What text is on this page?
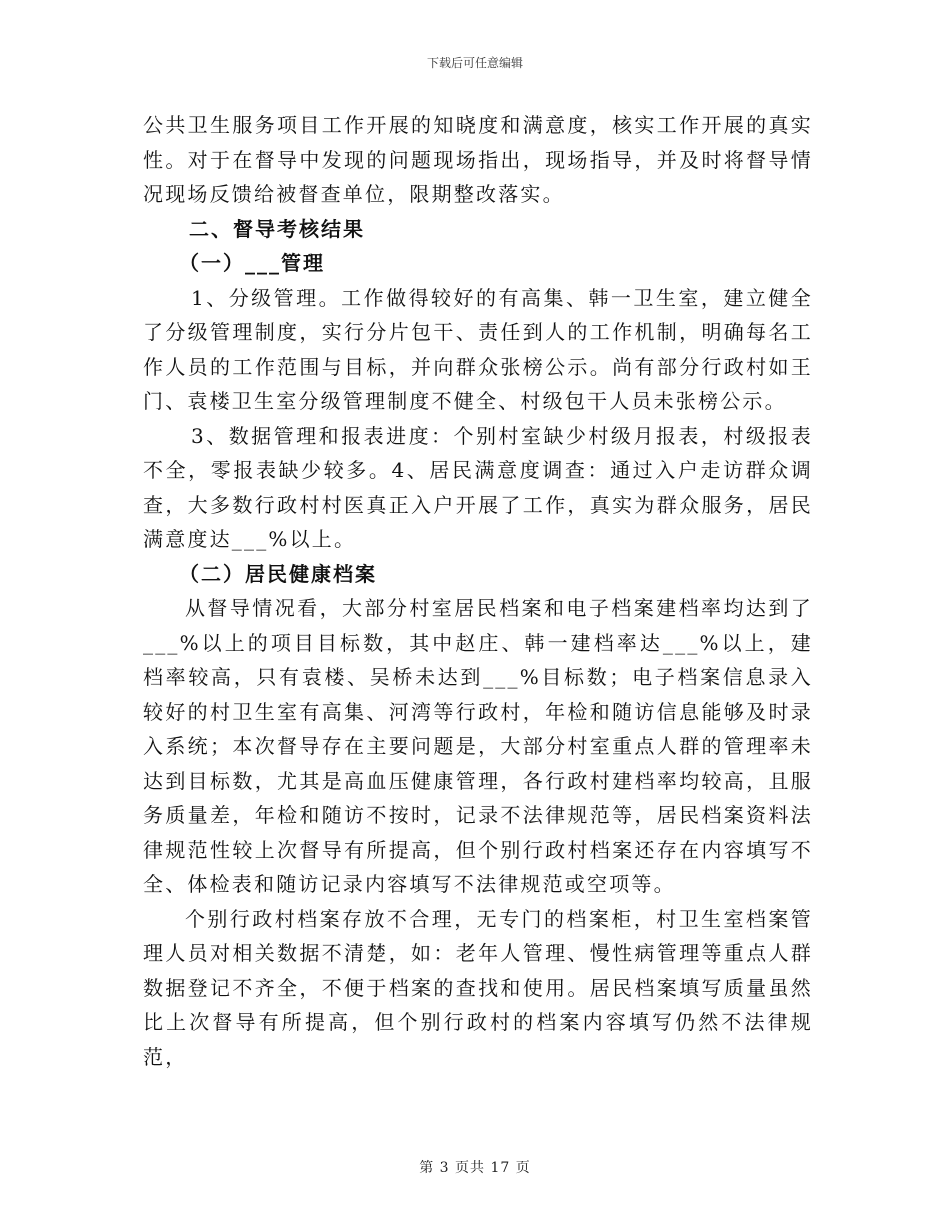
下载后可任意编辑

公共卫生服务项目工作开展的知晓度和满意度，核实工作开展的真实性。对于在督导中发现的问题现场指出，现场指导，并及时将督导情况现场反馈给被督查单位，限期整改落实。

二、督导考核结果

（一）___管理

1、分级管理。工作做得较好的有高集、韩一卫生室，建立健全了分级管理制度，实行分片包干、责任到人的工作机制，明确每名工作人员的工作范围与目标，并向群众张榜公示。尚有部分行政村如王门、袁楼卫生室分级管理制度不健全、村级包干人员未张榜公示。

3、数据管理和报表进度：个别村室缺少村级月报表，村级报表不全，零报表缺少较多。4、居民满意度调查：通过入户走访群众调查，大多数行政村村医真正入户开展了工作，真实为群众服务，居民满意度达___%以上。

（二）居民健康档案

从督导情况看，大部分村室居民档案和电子档案建档率均达到了___%以上的项目目标数，其中赵庄、韩一建档率达___%以上，建档率较高，只有袁楼、吴桥未达到___%目标数；电子档案信息录入较好的村卫生室有高集、河湾等行政村，年检和随访信息能够及时录入系统；本次督导存在主要问题是，大部分村室重点人群的管理率未达到目标数，尤其是高血压健康管理，各行政村建档率均较高，且服务质量差，年检和随访不按时，记录不法律规范等，居民档案资料法律规范性较上次督导有所提高，但个别行政村档案还存在内容填写不全、体检表和随访记录内容填写不法律规范或空项等。

个别行政村档案存放不合理，无专门的档案柜，村卫生室档案管理人员对相关数据不清楚，如：老年人管理、慢性病管理等重点人群数据登记不齐全，不便于档案的查找和使用。居民档案填写质量虽然比上次督导有所提高，但个别行政村的档案内容填写仍然不法律规范，

第 3 页共 17 页
